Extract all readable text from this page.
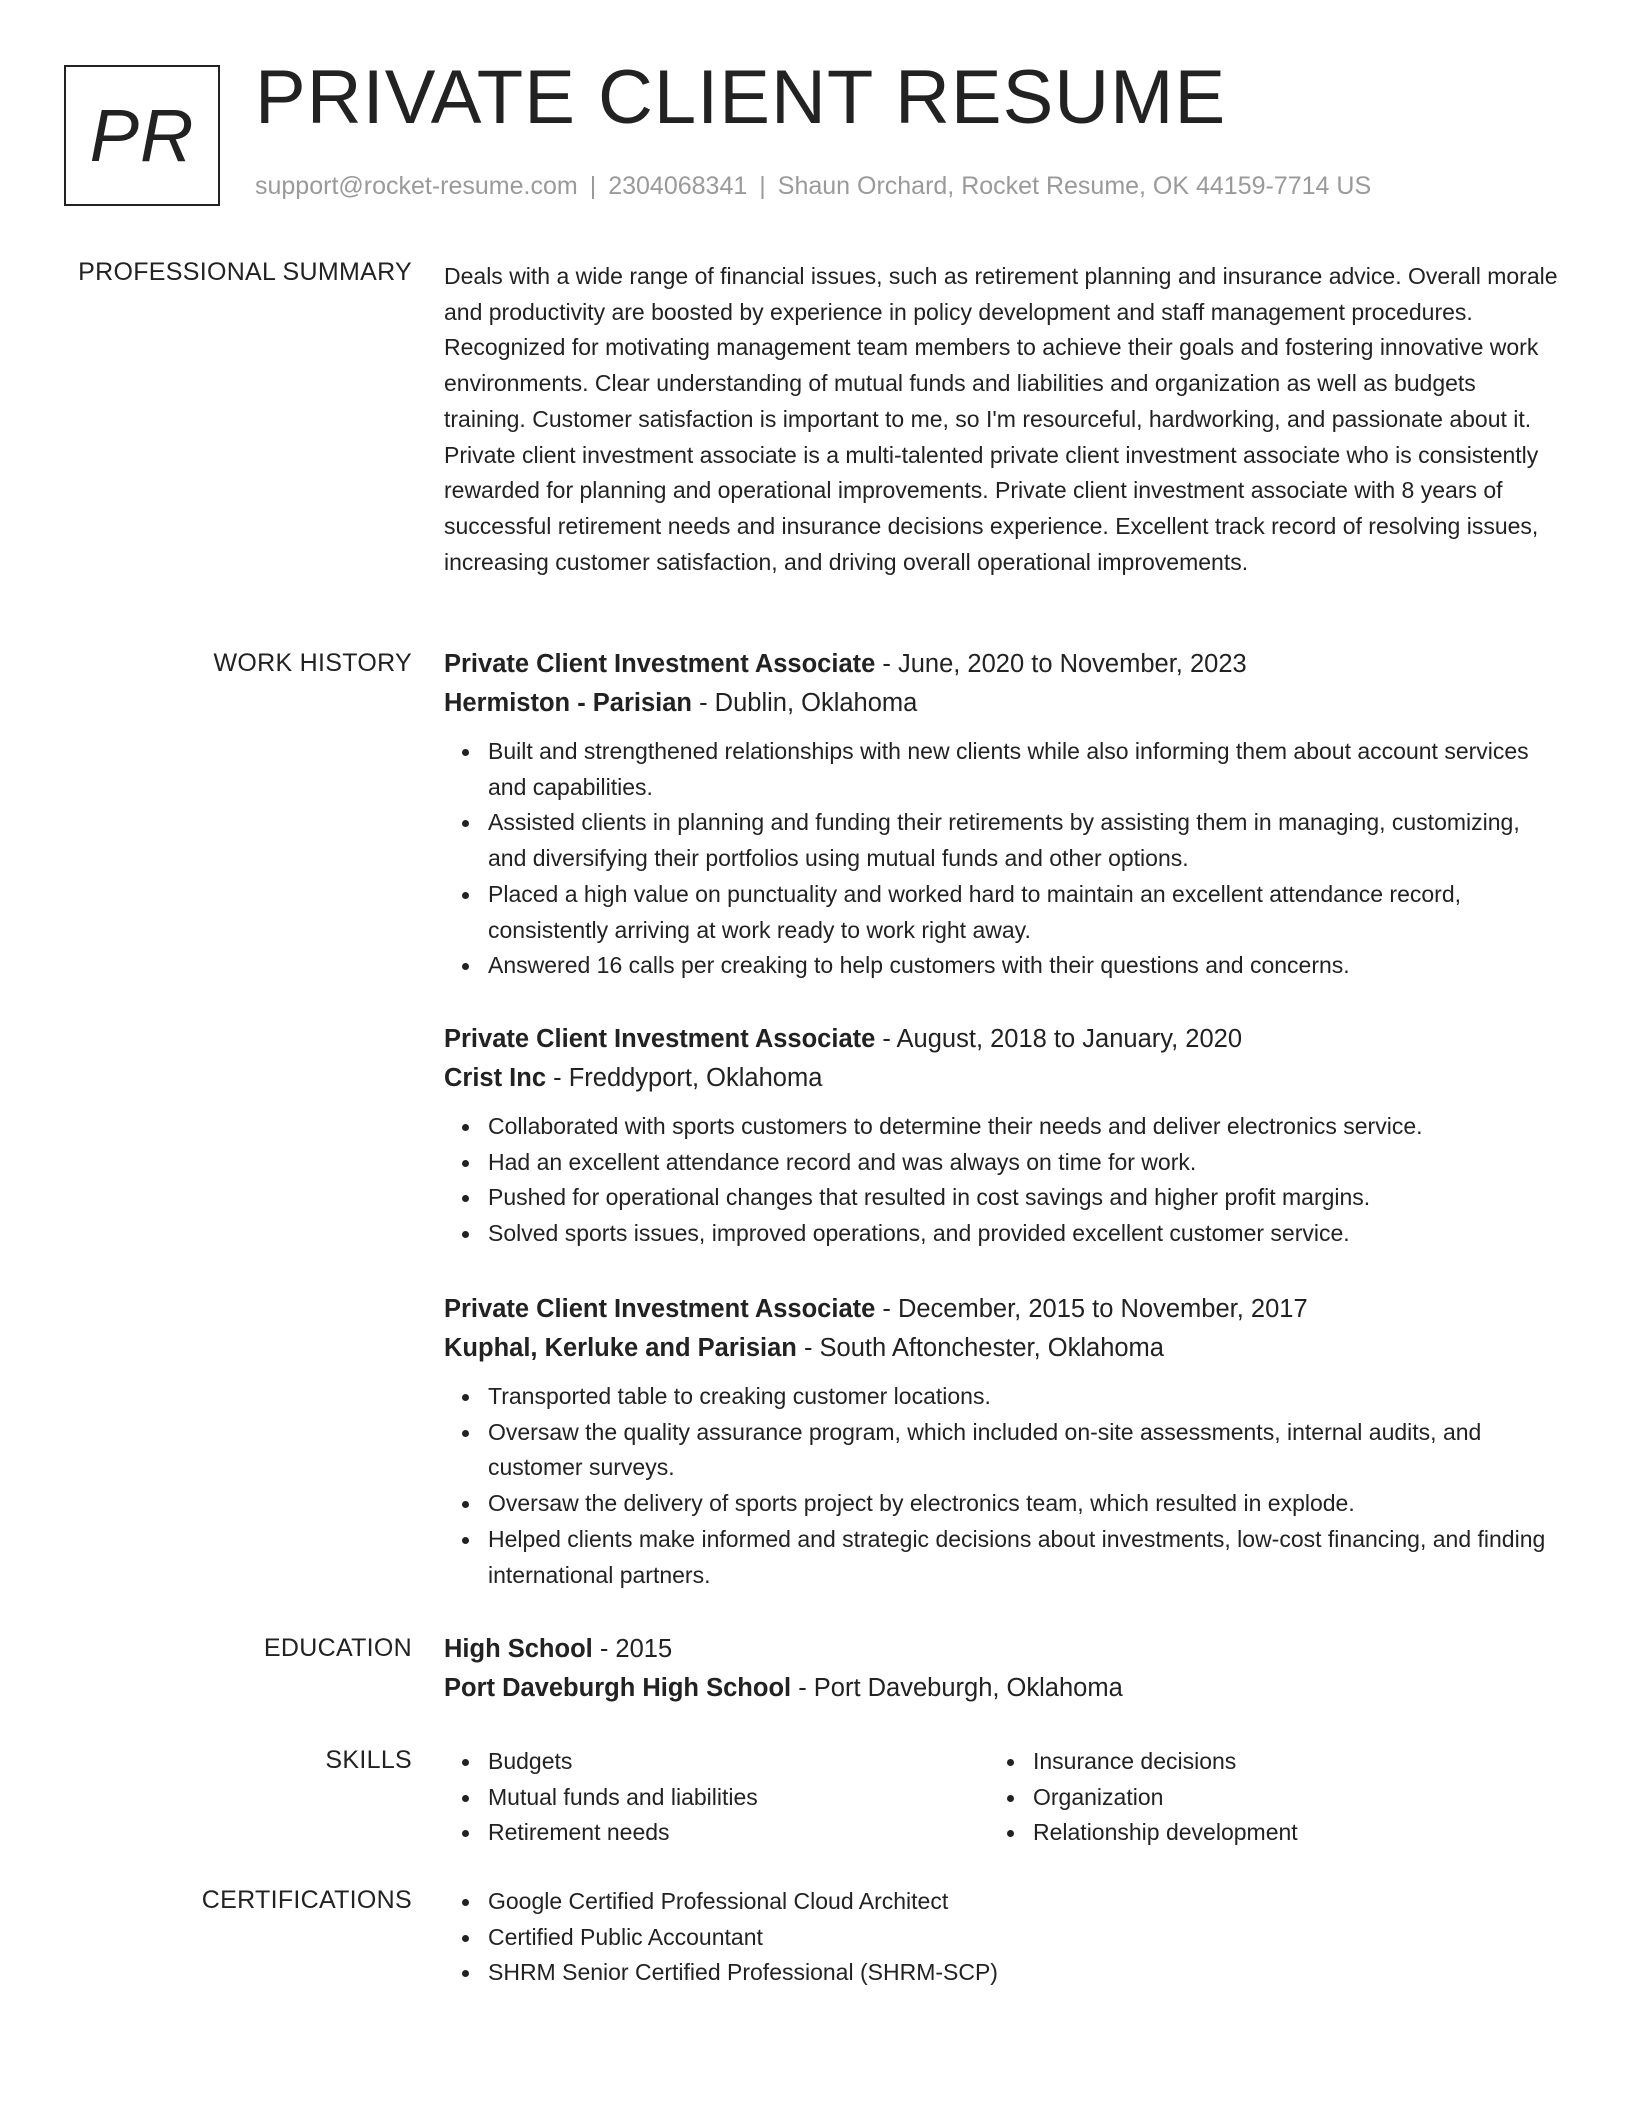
PR PRIVATE CLIENT RESUME
support@rocket-resume.com | 2304068341 | Shaun Orchard, Rocket Resume, OK 44159-7714 US
PROFESSIONAL SUMMARY Deals with a wide range of financial issues, such as retirement planning and insurance advice. Overall morale and productivity are boosted by experience in policy development and staff management procedures. Recognized for motivating management team members to achieve their goals and fostering innovative work environments. Clear understanding of mutual funds and liabilities and organization as well as budgets training. Customer satisfaction is important to me, so I'm resourceful, hardworking, and passionate about it. Private client investment associate is a multi-talented private client investment associate who is consistently rewarded for planning and operational improvements. Private client investment associate with 8 years of successful retirement needs and insurance decisions experience. Excellent track record of resolving issues, increasing customer satisfaction, and driving overall operational improvements.

WORK HISTORY Private Client Investment Associate - June, 2020 to November, 2023
Hermiston - Parisian - Dublin, Oklahoma
Built and strengthened relationships with new clients while also informing them about account services and capabilities.
Assisted clients in planning and funding their retirements by assisting them in managing, customizing, and diversifying their portfolios using mutual funds and other options.
Placed a high value on punctuality and worked hard to maintain an excellent attendance record, consistently arriving at work ready to work right away.
Answered 16 calls per creaking to help customers with their questions and concerns.
Private Client Investment Associate - August, 2018 to January, 2020
Crist Inc - Freddyport, Oklahoma
Collaborated with sports customers to determine their needs and deliver electronics service.
Had an excellent attendance record and was always on time for work.
Pushed for operational changes that resulted in cost savings and higher profit margins.
Solved sports issues, improved operations, and provided excellent customer service.
Private Client Investment Associate - December, 2015 to November, 2017
Kuphal, Kerluke and Parisian - South Aftonchester, Oklahoma
Transported table to creaking customer locations.
Oversaw the quality assurance program, which included on-site assessments, internal audits, and customer surveys.
Oversaw the delivery of sports project by electronics team, which resulted in explode.
Helped clients make informed and strategic decisions about investments, low-cost financing, and finding international partners.
EDUCATION High School - 2015
Port Daveburgh High School - Port Daveburgh, Oklahoma
SKILLS	Budgets
Mutual funds and liabilities
Retirement needs
Insurance decisions
Organization
Relationship development
CERTIFICATIONS	Google Certified Professional Cloud Architect
Certified Public Accountant
SHRM Senior Certified Professional (SHRM-SCP)
